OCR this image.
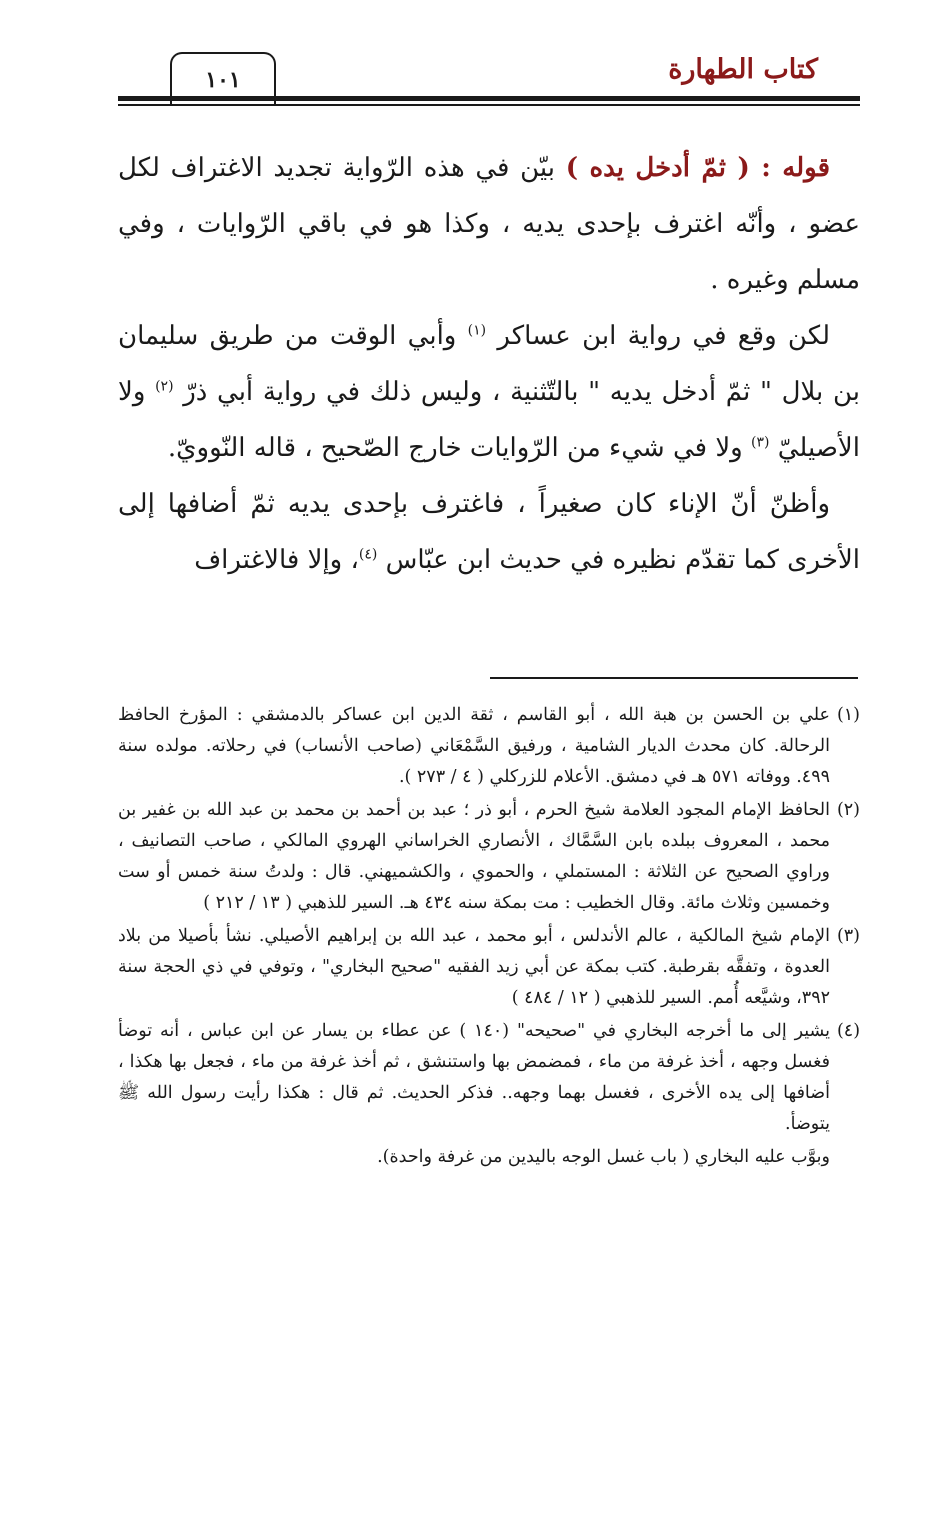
كتاب الطهارة
١٠١

قوله : ( ثمّ أدخل يده ) بيّن في هذه الرّواية تجديد الاغتراف لكل عضو ، وأنّه اغترف بإحدى يديه ، وكذا هو في باقي الرّوايات ، وفي مسلم وغيره .

لكن وقع في رواية ابن عساكر $^{(١)}$ وأبي الوقت من طريق سليمان بن بلال " ثمّ أدخل يديه " بالتّثنية ، وليس ذلك في رواية أبي ذرّ $^{(٢)}$ ولا الأصيليّ $^{(٣)}$ ولا في شيء من الرّوايات خارج الصّحيح ، قاله النّوويّ.

وأظنّ أنّ الإناء كان صغيراً ، فاغترف بإحدى يديه ثمّ أضافها إلى الأخرى كما تقدّم نظيره في حديث ابن عبّاس $^{(٤)}$، وإلا فالاغتراف

(١)علي بن الحسن بن هبة الله ، أبو القاسم ، ثقة الدين ابن عساكر بالدمشقي : المؤرخ الحافظ الرحالة. كان محدث الديار الشامية ، ورفيق السَّمْعَاني (صاحب الأنساب) في رحلاته. مولده سنة ٤٩٩. ووفاته ٥٧١ هـ في دمشق. الأعلام للزركلي ( ٤ / ٢٧٣ ).

(٢)الحافظ الإمام المجود العلامة شيخ الحرم ، أبو ذر ؛ عبد بن أحمد بن محمد بن عبد الله بن غفير بن محمد ، المعروف ببلده بابن السَّمَّاك ، الأنصاري الخراساني الهروي المالكي ، صاحب التصانيف ، وراوي الصحيح عن الثلاثة : المستملي ، والحموي ، والكشميهني. قال : ولدتُ سنة خمس أو ست وخمسين وثلاث مائة. وقال الخطيب : مت بمكة سنه ٤٣٤ هـ. السير للذهبي ( ١٣ / ٢١٢ )

(٣)الإمام شيخ المالكية ، عالم الأندلس ، أبو محمد ، عبد الله بن إبراهيم الأصيلي. نشأ بأصيلا من بلاد العدوة ، وتفقَّه بقرطبة. كتب بمكة عن أبي زيد الفقيه "صحيح البخاري" ، وتوفي في ذي الحجة سنة ٣٩٢، وشيَّعه أُمم. السير للذهبي ( ١٢ / ٤٨٤ )

(٤)يشير إلى ما أخرجه البخاري في "صحيحه" (١٤٠ ) عن عطاء بن يسار عن ابن عباس ، أنه توضأ فغسل وجهه ، أخذ غرفة من ماء ، فمضمض بها واستنشق ، ثم أخذ غرفة من ماء ، فجعل بها هكذا ، أضافها إلى يده الأخرى ، فغسل بهما وجهه.. فذكر الحديث. ثم قال : هكذا رأيت رسول الله ﷺ يتوضأ.

وبوَّب عليه البخاري ( باب غسل الوجه باليدين من غرفة واحدة).
